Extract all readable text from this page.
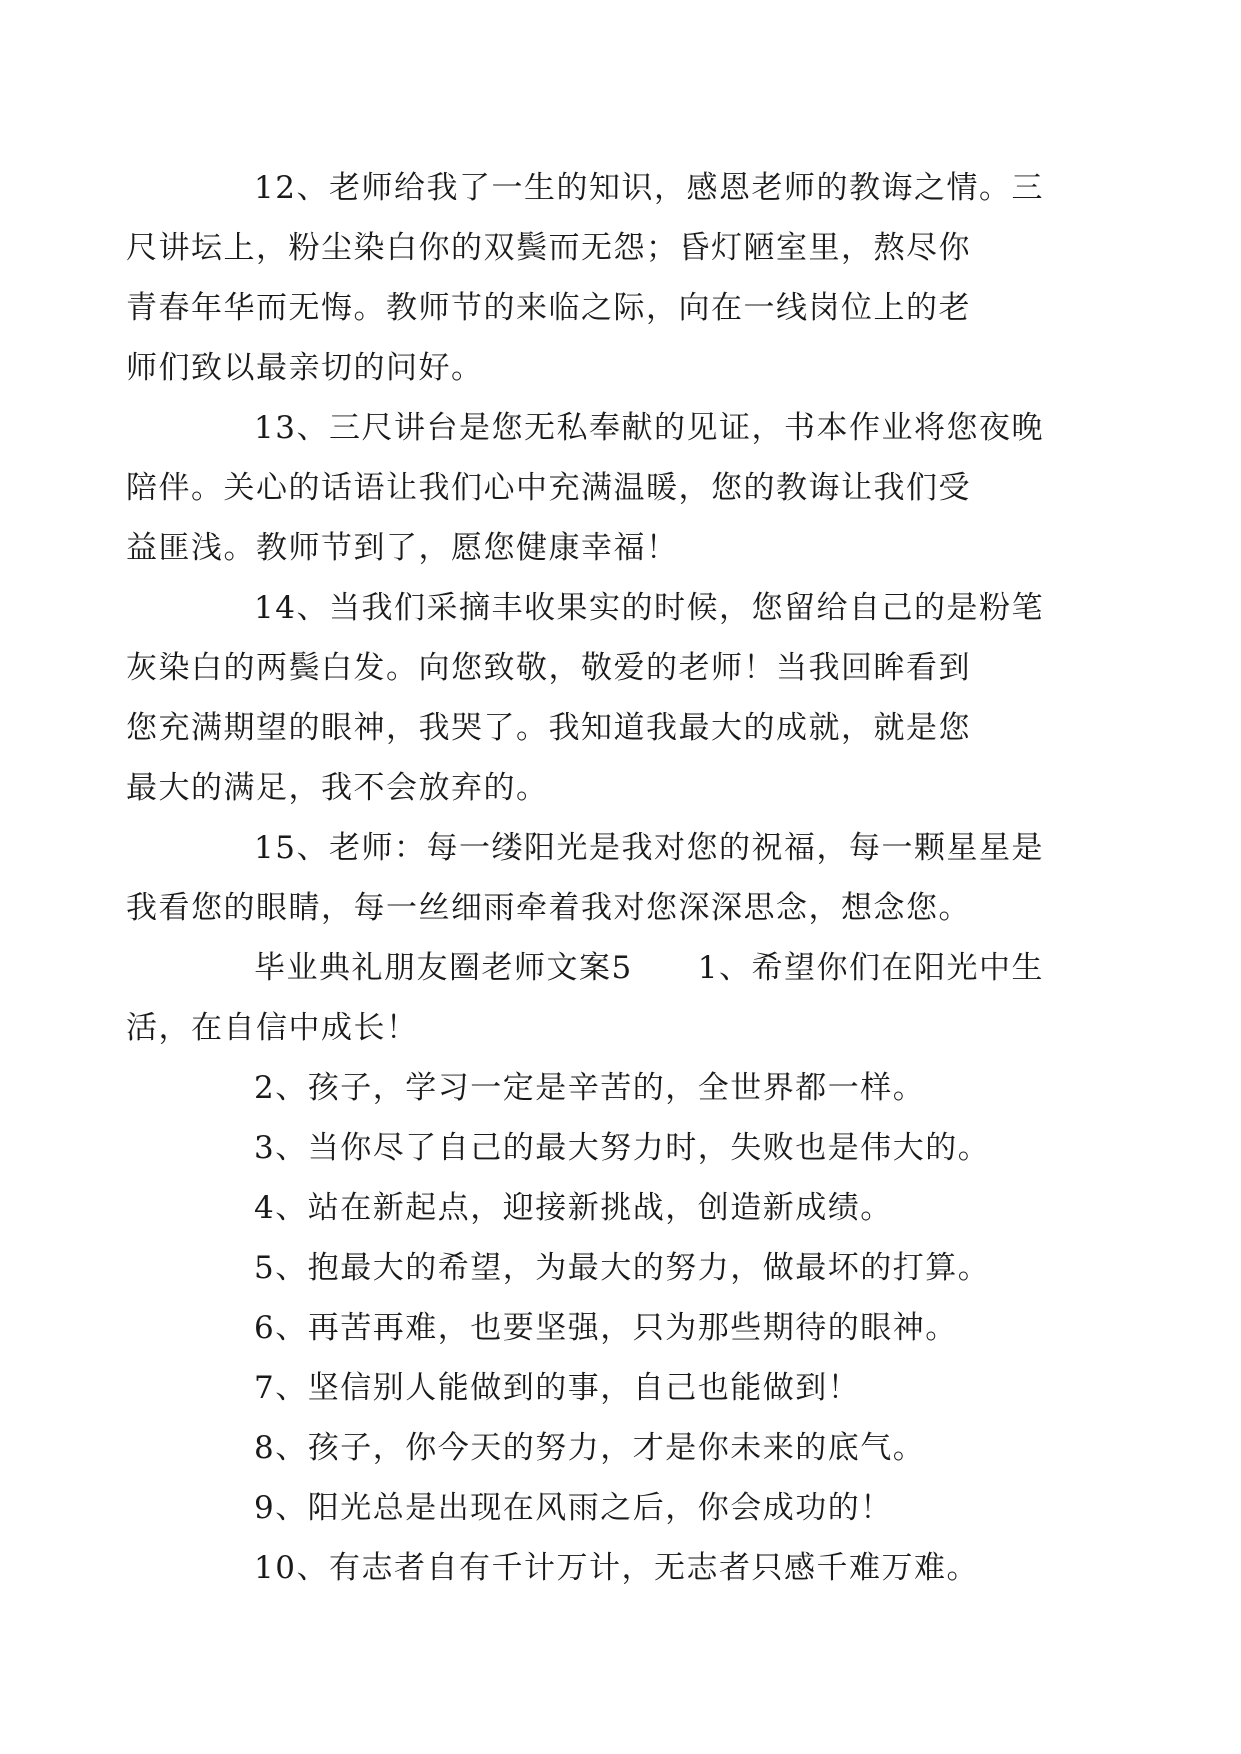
12、老师给我了一生的知识，感恩老师的教诲之情。三
尺讲坛上，粉尘染白你的双鬓而无怨；昏灯陋室里，熬尽你
青春年华而无悔。教师节的来临之际，向在一线岗位上的老
师们致以最亲切的问好。

13、三尺讲台是您无私奉献的见证，书本作业将您夜晚
陪伴。关心的话语让我们心中充满温暖，您的教诲让我们受
益匪浅。教师节到了，愿您健康幸福！

14、当我们采摘丰收果实的时候，您留给自己的是粉笔
灰染白的两鬓白发。向您致敬，敬爱的老师！当我回眸看到
您充满期望的眼神，我哭了。我知道我最大的成就，就是您
最大的满足，我不会放弃的。

15、老师：每一缕阳光是我对您的祝福，每一颗星星是
我看您的眼睛，每一丝细雨牵着我对您深深思念，想念您。

毕业典礼朋友圈老师文案5　　1、希望你们在阳光中生
活，在自信中成长！

2、孩子，学习一定是辛苦的，全世界都一样。

3、当你尽了自己的最大努力时，失败也是伟大的。

4、站在新起点，迎接新挑战，创造新成绩。

5、抱最大的希望，为最大的努力，做最坏的打算。

6、再苦再难，也要坚强，只为那些期待的眼神。

7、坚信别人能做到的事，自己也能做到！

8、孩子，你今天的努力，才是你未来的底气。

9、阳光总是出现在风雨之后，你会成功的！

10、有志者自有千计万计，无志者只感千难万难。
